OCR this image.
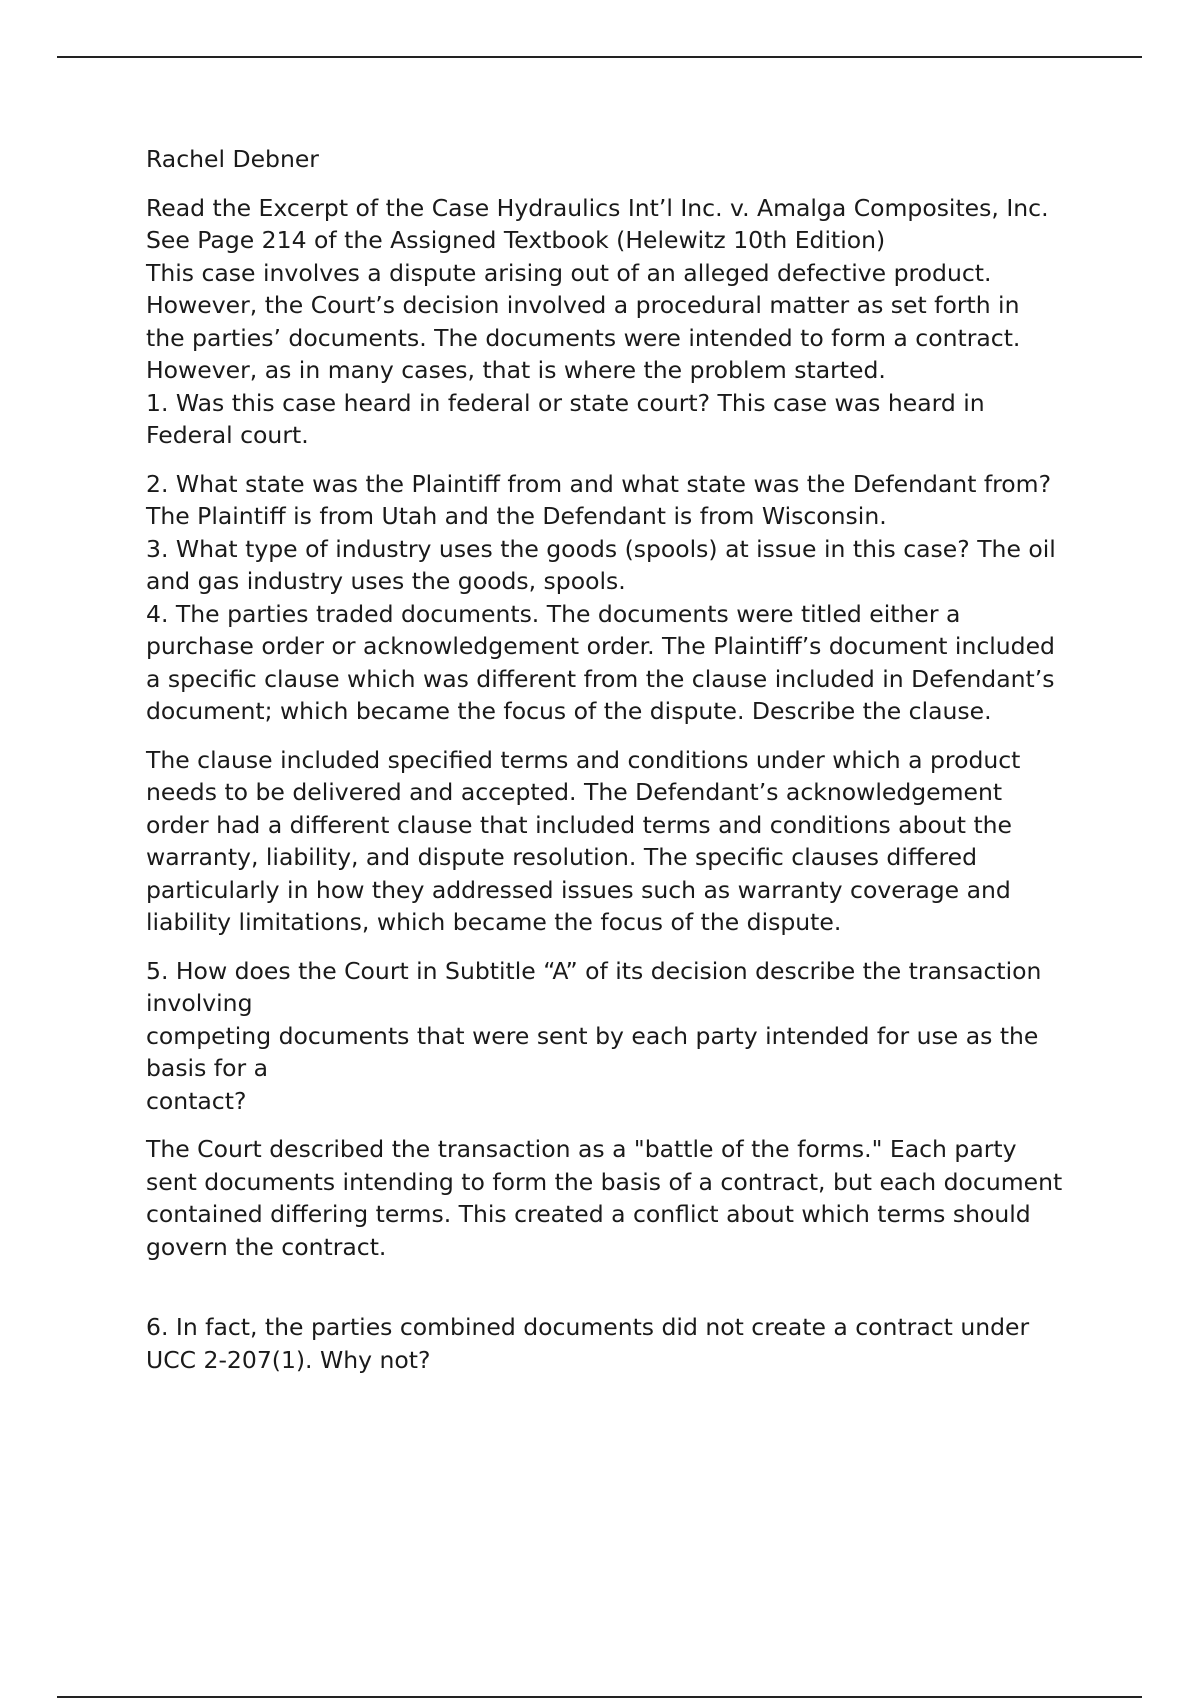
Rachel Debner

Read the Excerpt of the Case Hydraulics Int’l Inc. v. Amalga Composites, Inc.
See Page 214 of the Assigned Textbook (Helewitz 10th Edition)
This case involves a dispute arising out of an alleged defective product.
However, the Court’s decision involved a procedural matter as set forth in
the parties’ documents. The documents were intended to form a contract.
However, as in many cases, that is where the problem started.
1. Was this case heard in federal or state court? This case was heard in
Federal court.

2. What state was the Plaintiff from and what state was the Defendant from?
The Plaintiff is from Utah and the Defendant is from Wisconsin.
3. What type of industry uses the goods (spools) at issue in this case? The oil
and gas industry uses the goods, spools.
4. The parties traded documents. The documents were titled either a
purchase order or acknowledgement order. The Plaintiff’s document included
a specific clause which was different from the clause included in Defendant’s
document; which became the focus of the dispute. Describe the clause.

The clause included specified terms and conditions under which a product
needs to be delivered and accepted. The Defendant’s acknowledgement
order had a different clause that included terms and conditions about the
warranty, liability, and dispute resolution. The specific clauses differed
particularly in how they addressed issues such as warranty coverage and
liability limitations, which became the focus of the dispute.

5. How does the Court in Subtitle “A” of its decision describe the transaction
involving
competing documents that were sent by each party intended for use as the
basis for a
contact?

The Court described the transaction as a "battle of the forms." Each party
sent documents intending to form the basis of a contract, but each document
contained differing terms. This created a conflict about which terms should
govern the contract.

6. In fact, the parties combined documents did not create a contract under
UCC 2-207(1). Why not?
